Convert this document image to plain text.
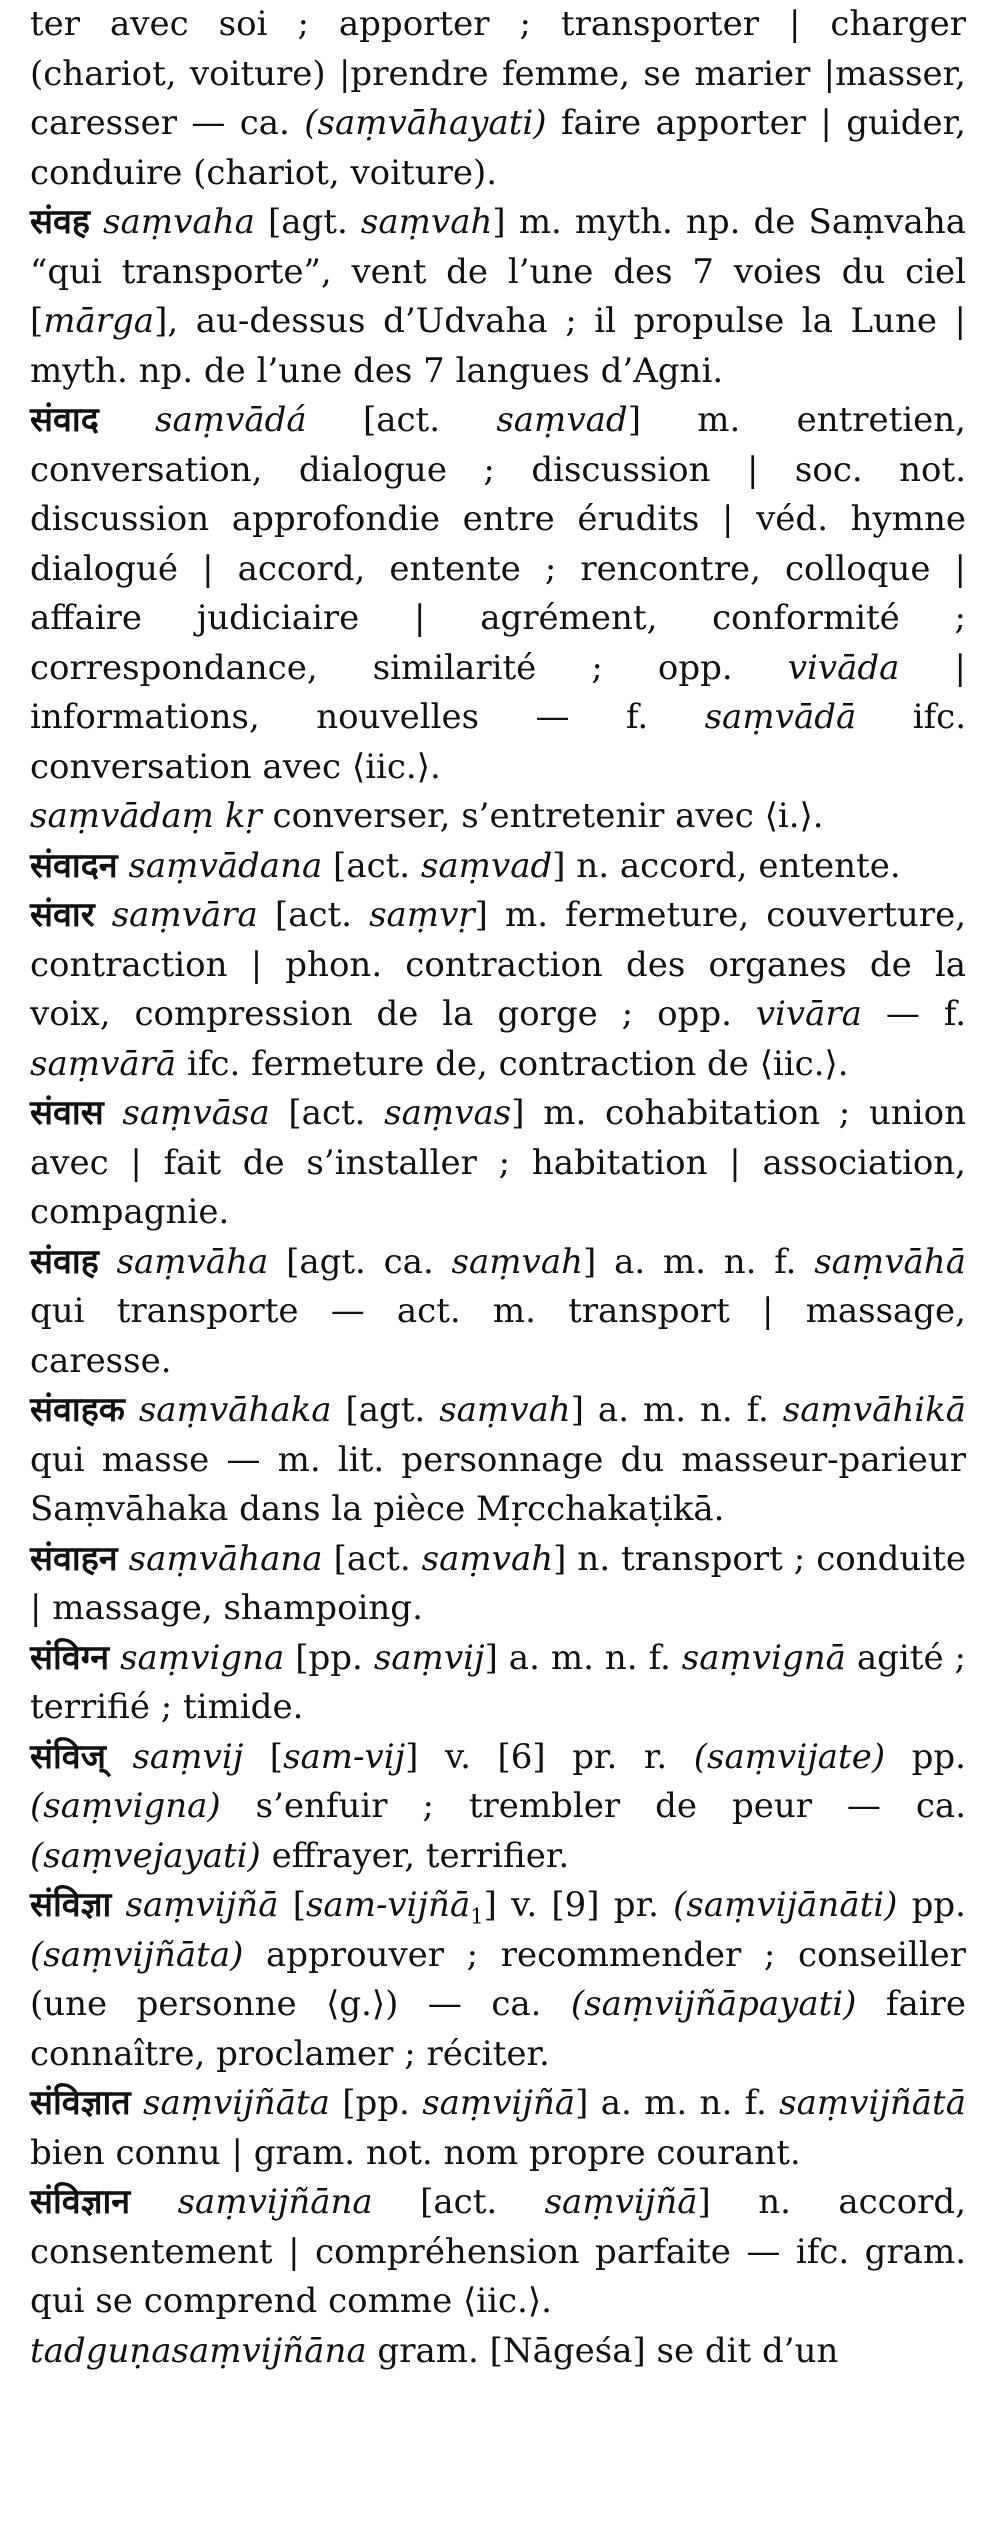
ter avec soi ; apporter ; transporter | charger (chariot, voiture) |prendre femme, se marier |masser, caresser — ca. (saṃvāhayati) faire apporter | guider, conduire (chariot, voiture).

संवह saṃvaha [agt. saṃvah] m. myth. np. de Saṃvaha “qui transporte”, vent de l’une des 7 voies du ciel [mārga], au-dessus d’Udvaha ; il propulse la Lune | myth. np. de l’une des 7 langues d’Agni.

संवाद saṃvādá [act. saṃvad] m. entretien, conversation, dialogue ; discussion | soc. not. discussion approfondie entre érudits | véd. hymne dialogué | accord, entente ; rencontre, colloque | affaire judiciaire | agrément, conformité ; correspondance, similarité ; opp. vivāda | informations, nouvelles — f. saṃvādā ifc. conversation avec ⟨iic.⟩.

saṃvādaṃ kṛ converser, s’entretenir avec ⟨i.⟩.

संवादन saṃvādana [act. saṃvad] n. accord, entente.

संवार saṃvāra [act. saṃvṛ] m. fermeture, couverture, contraction | phon. contraction des organes de la voix, compression de la gorge ; opp. vivāra — f. saṃvārā ifc. fermeture de, contraction de ⟨iic.⟩.

संवास saṃvāsa [act. saṃvas] m. cohabitation ; union avec | fait de s’installer ; habitation | association, compagnie.

संवाह saṃvāha [agt. ca. saṃvah] a. m. n. f. saṃvāhā qui transporte — act. m. transport | massage, caresse.

संवाहक saṃvāhaka [agt. saṃvah] a. m. n. f. saṃvāhikā qui masse — m. lit. personnage du masseur-parieur Saṃvāhaka dans la pièce Mṛcchakaṭikā.

संवाहन saṃvāhana [act. saṃvah] n. transport ; conduite | massage, shampoing.

संविग्न saṃvigna [pp. saṃvij] a. m. n. f. saṃvignā agité ; terrifié ; timide.

संविज् saṃvij [sam-vij] v. [6] pr. r. (saṃvijate) pp. (saṃvigna) s’enfuir ; trembler de peur — ca. (saṃvejayati) effrayer, terrifier.

संविज्ञा saṃvijñā [sam-vijñā$_1$] v. [9] pr. (saṃvijānāti) pp. (saṃvijñāta) approuver ; recommender ; conseiller (une personne ⟨g.⟩) — ca. (saṃvijñāpayati) faire connaître, proclamer ; réciter.

संविज्ञात saṃvijñāta [pp. saṃvijñā] a. m. n. f. saṃvijñātā bien connu | gram. not. nom propre courant.

संविज्ञान saṃvijñāna [act. saṃvijñā] n. accord, consentement | compréhension parfaite — ifc. gram. qui se comprend comme ⟨iic.⟩.

tadguṇasaṃvijñāna gram. [Nāgeśa] se dit d’un
